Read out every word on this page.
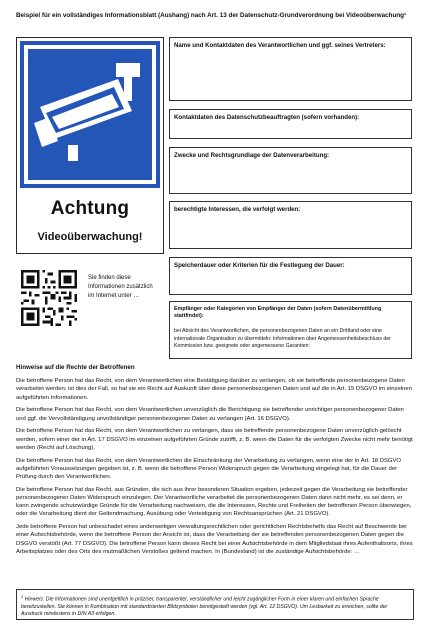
Beispiel für ein vollständiges Informationsblatt (Aushang) nach Art. 13 der Datenschutz-Grundverordnung bei Videoüberwachung¹
Achtung
Videoüberwachung!
Sie finden diese Informationen zusätzlich im Internet unter …
Name und Kontaktdaten des Verantwortlichen und ggf. seines Vertreters:
Kontaktdaten des Datenschutzbeauftragten (sofern vorhanden):
Zwecke und Rechtsgrundlage der Datenverarbeitung:
berechtigte Interessen, die verfolgt werden:
Speicherdauer oder Kriterien für die Festlegung der Dauer:
Empfänger oder Kategorien von Empfänger der Daten (sofern Datenübermittlung stattfindet):
bei Absicht des Verantwortlichen, die personenbezogenen Daten an ein Drittland oder eine internationale Organisation zu übermitteln: Informationen über Angemessenheitsbeschluss der Kommission bzw. geeignete oder angemessene Garantien:
Hinweise auf die Rechte der Betroffenen

Die betroffene Person hat das Recht, von dem Verantwortlichen eine Bestätigung darüber zu verlangen, ob sie betreffende personenbezogene Daten verarbeitet werden; ist dies der Fall, so hat sie ein Recht auf Auskunft über diese personenbezogenen Daten und auf die in Art. 15 DSGVO im einzelnen aufgeführten Informationen.

Die betroffene Person hat das Recht, von dem Verantwortlichen unverzüglich die Berichtigung sie betreffender unrichtiger personenbezogener Daten und ggf. die Vervollständigung unvollständiger personenbezogener Daten zu verlangen (Art. 16 DSGVO).

Die betroffene Person hat das Recht, von dem Verantwortlichen zu verlangen, dass sie betreffende personenbezogene Daten unverzüglich gelöscht werden, sofern einer der in Art. 17 DSGVO im einzelnen aufgeführten Gründe zutrifft, z. B. wenn die Daten für die verfolgten Zwecke nicht mehr benötigt werden (Recht auf Löschung).

Die betroffene Person hat das Recht, von dem Verantwortlichen die Einschränkung der Verarbeitung zu verlangen, wenn eine der in Art. 18 DSGVO aufgeführten Voraussetzungen gegeben ist, z. B. wenn die betroffene Person Widerspruch gegen die Verarbeitung eingelegt hat, für die Dauer der Prüfung durch den Verantwortlichen.

Die betroffene Person hat das Recht, aus Gründen, die sich aus ihrer besonderen Situation ergeben, jederzeit gegen die Verarbeitung sie betreffender personenbezogener Daten Widerspruch einzulegen. Der Verantwortliche verarbeitet die personenbezogenen Daten dann nicht mehr, es sei denn, er kann zwingende schutzwürdige Gründe für die Verarbeitung nachweisen, die die Interessen, Rechte und Freiheiten der betroffenen Person überwiegen, oder die Verarbeitung dient der Geltendmachung, Ausübung oder Verteidigung von Rechtsansprüchen (Art. 21 DSGVO).

Jede betroffene Person hat unbeschadet eines anderweitigen verwaltungsrechtlichen oder gerichtlichen Rechtsbehelfs das Recht auf Beschwerde bei einer Aufsichtsbehörde, wenn die betroffene Person der Ansicht ist, dass die Verarbeitung der sie betreffenden personenbezogenen Daten gegen die DSGVO verstößt (Art. 77 DSGVO). Die betroffene Person kann dieses Recht bei einer Aufsichtsbehörde in dem Mitgliedstaat ihres Aufenthaltsorts, ihres Arbeitsplatzes oder des Orts des mutmaßlichen Verstoßes geltend machen. In (Bundesland) ist die zuständige Aufsichtsbehörde: …

$^1$ Hinweis: Die Informationen sind unentgeltlich in präziser, transparenter, verständlicher und leicht zugänglicher Form in einer klaren und einfachen Sprache bereitzustellen. Sie können in Kombination mit standardisierten Bildsymbolen bereitgestellt werden (vgl. Art. 12 DSGVO). Um Lesbarkeit zu erreichen, sollte der Ausdruck mindestens in DIN A3 erfolgen.
